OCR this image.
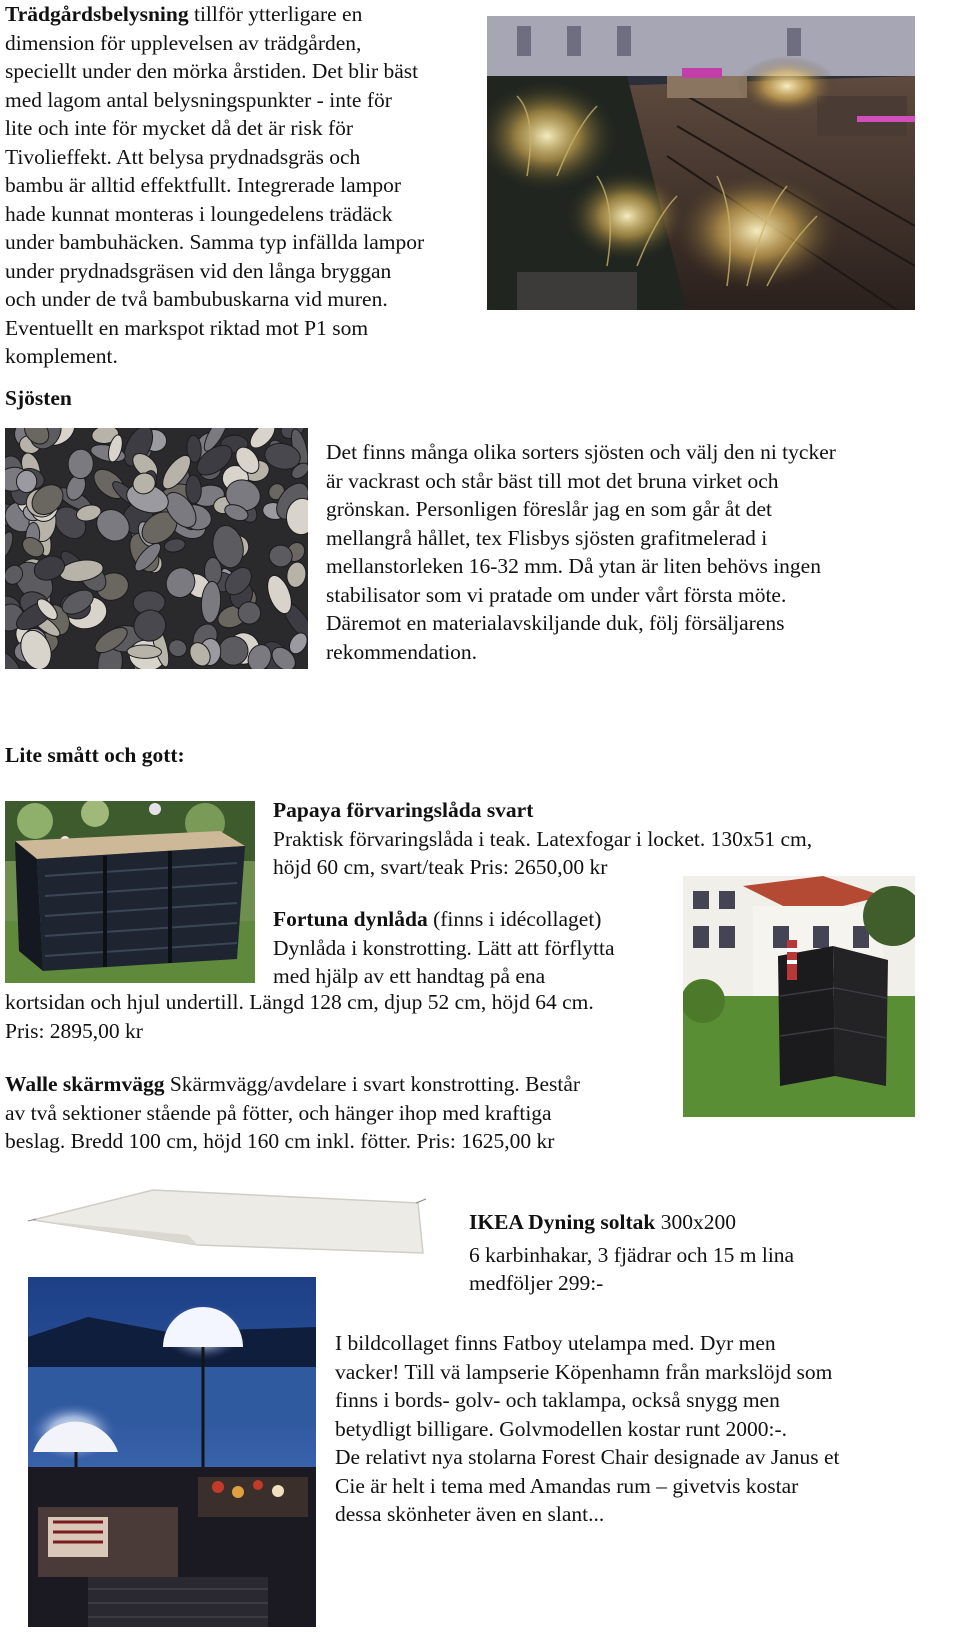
Trädgårdsbelysning tillför ytterligare en
dimension för upplevelsen av trädgården,
speciellt under den mörka årstiden. Det blir bäst
med lagom antal belysningspunkter - inte för
lite och inte för mycket då det är risk för
Tivolieffekt. Att belysa prydnadsgräs och
bambu är alltid effektfullt. Integrerade lampor
hade kunnat monteras i loungedelens trädäck
under bambuhäcken. Samma typ infällda lampor
under prydnadsgräsen vid den långa bryggan
och under de två bambubuskarna vid muren.
Eventuellt en markspot riktad mot P1 som
komplement.
Sjösten
Det finns många olika sorters sjösten och välj den ni tycker
är vackrast och står bäst till mot det bruna virket och
grönskan. Personligen föreslår jag en som går åt det
mellangrå hållet, tex Flisbys sjösten grafitmelerad i
mellanstorleken 16-32 mm. Då ytan är liten behövs ingen
stabilisator som vi pratade om under vårt första möte.
Däremot en materialavskiljande duk, följ försäljarens
rekommendation.
Lite smått och gott:
Papaya förvaringslåda svart
Praktisk förvaringslåda i teak. Latexfogar i locket. 130x51 cm,
höjd 60 cm, svart/teak Pris: 2650,00 kr
Fortuna dynlåda (finns i idécollaget)
Dynlåda i konstrotting. Lätt att förflytta
med hjälp av ett handtag på ena
kortsidan och hjul undertill. Längd 128 cm, djup 52 cm, höjd 64 cm.
Pris: 2895,00 kr
Walle skärmvägg Skärmvägg/avdelare i svart konstrotting. Består
av två sektioner stående på fötter, och hänger ihop med kraftiga
beslag. Bredd 100 cm, höjd 160 cm inkl. fötter. Pris: 1625,00 kr
IKEA Dyning soltak 300x200
6 karbinhakar, 3 fjädrar och 15 m lina
medföljer 299:-
I bildcollaget finns Fatboy utelampa med. Dyr men
vacker! Till vä lampserie Köpenhamn från markslöjd som
finns i bords- golv- och taklampa, också snygg men
betydligt billigare. Golvmodellen kostar runt 2000:-.
De relativt nya stolarna Forest Chair designade av Janus et
Cie är helt i tema med Amandas rum – givetvis kostar
dessa skönheter även en slant...
